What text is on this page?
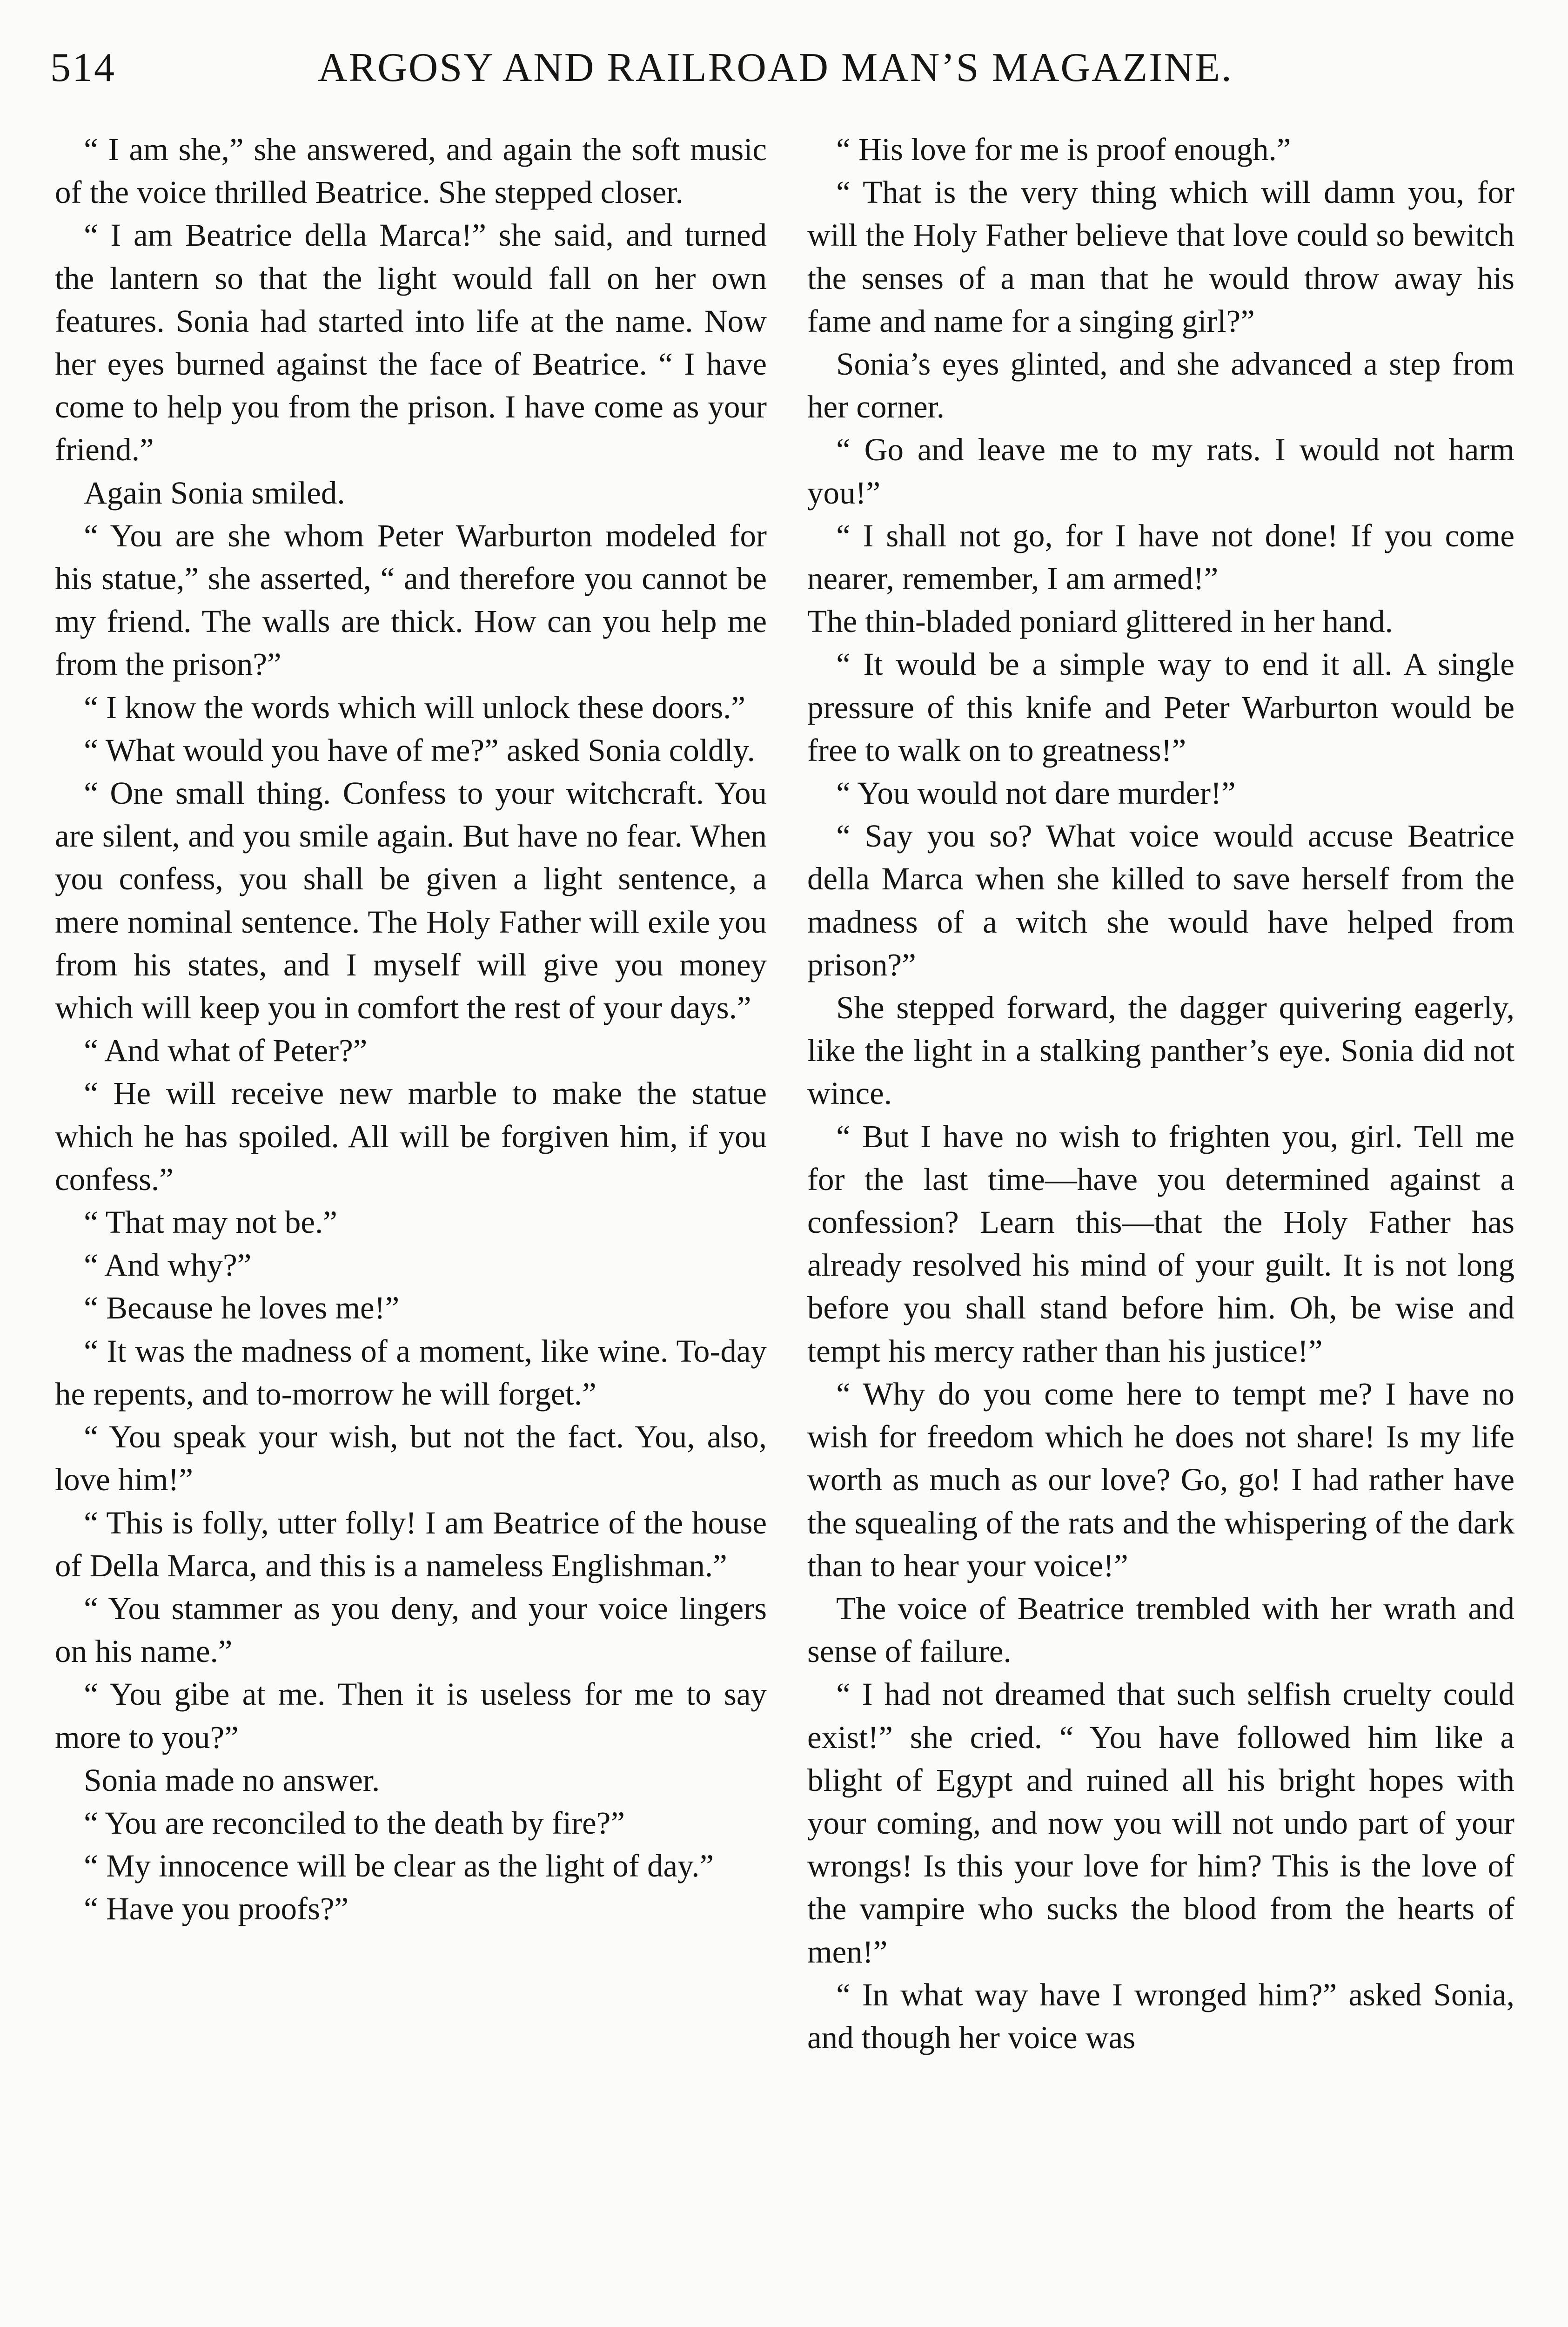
514	ARGOSY AND RAILROAD MAN’S MAGAZINE.

“ I am she,” she answered, and again the soft music of the voice thrilled Beatrice. She stepped closer.

“ I am Beatrice della Marca!” she said, and turned the lantern so that the light would fall on her own features. Sonia had started into life at the name. Now her eyes burned against the face of Beatrice. “ I have come to help you from the prison. I have come as your friend.”

Again Sonia smiled.

“ You are she whom Peter Warburton modeled for his statue,” she asserted, “ and therefore you cannot be my friend. The walls are thick. How can you help me from the prison?”

“ I know the words which will unlock these doors.”

“ What would you have of me?” asked Sonia coldly.

“ One small thing. Confess to your witchcraft. You are silent, and you smile again. But have no fear. When you confess, you shall be given a light sentence, a mere nominal sentence. The Holy Father will exile you from his states, and I myself will give you money which will keep you in comfort the rest of your days.”

“ And what of Peter?”

“ He will receive new marble to make the statue which he has spoiled. All will be forgiven him, if you confess.”

“ That may not be.”

“ And why?”

“ Because he loves me!”

“ It was the madness of a moment, like wine. To-day he repents, and to-morrow he will forget.”

“ You speak your wish, but not the fact. You, also, love him!”

“ This is folly, utter folly! I am Beatrice of the house of Della Marca, and this is a nameless Englishman.”

“ You stammer as you deny, and your voice lingers on his name.”

“ You gibe at me. Then it is useless for me to say more to you?”

Sonia made no answer.

“ You are reconciled to the death by fire?”

“ My innocence will be clear as the light of day.”

“ Have you proofs?”

“ His love for me is proof enough.”

“ That is the very thing which will damn you, for will the Holy Father believe that love could so bewitch the senses of a man that he would throw away his fame and name for a singing girl?”

Sonia’s eyes glinted, and she advanced a step from her corner.

“ Go and leave me to my rats. I would not harm you!”

“ I shall not go, for I have not done! If you come nearer, remember, I am armed!”

The thin-bladed poniard glittered in her hand.

“ It would be a simple way to end it all. A single pressure of this knife and Peter Warburton would be free to walk on to greatness!”

“ You would not dare murder!”

“ Say you so? What voice would accuse Beatrice della Marca when she killed to save herself from the madness of a witch she would have helped from prison?”

She stepped forward, the dagger quivering eagerly, like the light in a stalking panther’s eye. Sonia did not wince.

“ But I have no wish to frighten you, girl. Tell me for the last time—have you determined against a confession? Learn this—that the Holy Father has already resolved his mind of your guilt. It is not long before you shall stand before him. Oh, be wise and tempt his mercy rather than his justice!”

“ Why do you come here to tempt me? I have no wish for freedom which he does not share! Is my life worth as much as our love? Go, go! I had rather have the squealing of the rats and the whispering of the dark than to hear your voice!”

The voice of Beatrice trembled with her wrath and sense of failure.

“ I had not dreamed that such selfish cruelty could exist!” she cried. “ You have followed him like a blight of Egypt and ruined all his bright hopes with your coming, and now you will not undo part of your wrongs! Is this your love for him? This is the love of the vampire who sucks the blood from the hearts of men!”

“ In what way have I wronged him?” asked Sonia, and though her voice was
